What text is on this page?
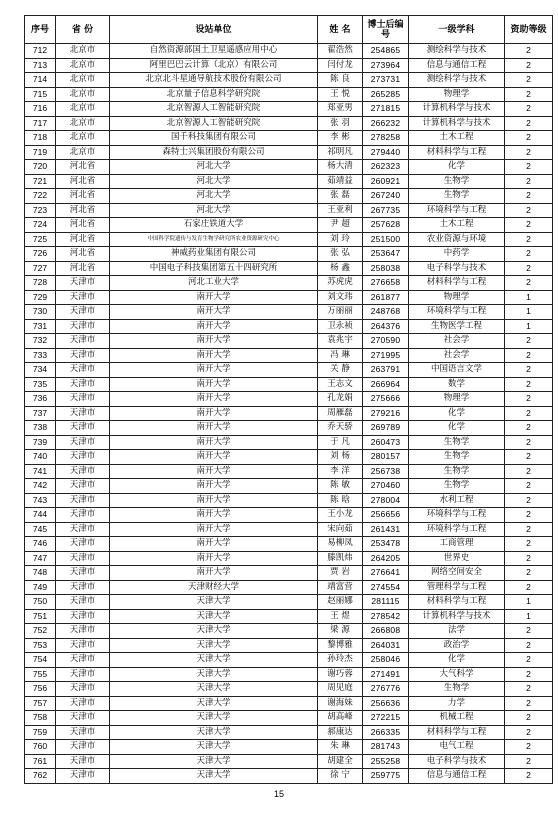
序号	省 份	设站单位	姓 名	博士后编 号	一级学科	资助等级
712	北京市	自然资源部国土卫星遥感应用中心	翟浩然	254865	测绘科学与技术	2
713	北京市	阿里巴巴云计算（北京）有限公司	闫付龙	273964	信息与通信工程	2
714	北京市	北京北斗星通导航技术股份有限公司	陈 良	273731	测绘科学与技术	2
715	北京市	北京量子信息科学研究院	王 悦	265285	物理学	2
716	北京市	北京智源人工智能研究院	郑亚男	271815	计算机科学与技术	2
717	北京市	北京智源人工智能研究院	张 羽	266232	计算机科学与技术	2
718	北京市	国千科技集团有限公司	李 彬	278258	土木工程	2
719	北京市	森特士兴集团股份有限公司	祁明凡	279440	材料科学与工程	2
720	河北省	河北大学	杨大清	262323	化学	2
721	河北省	河北大学	茹靖益	260921	生物学	2
722	河北省	河北大学	张 磊	267240	生物学	2
723	河北省	河北大学	王亚利	267735	环境科学与工程	2
724	河北省	石家庄铁道大学	尹 超	257628	土木工程	2
725	河北省	中国科学院遗传与发育生物学研究所农业资源研究中心	刘 玲	251500	农业资源与环境	2
726	河北省	神威药业集团有限公司	张 弘	253647	中药学	2
727	河北省	中国电子科技集团第五十四研究所	杨 鑫	258038	电子科学与技术	2
728	天津市	河北工业大学	苏虎虎	276658	材料科学与工程	2
729	天津市	南开大学	刘文玮	261877	物理学	1
730	天津市	南开大学	万丽丽	248768	环境科学与工程	1
731	天津市	南开大学	卫永祯	264376	生物医学工程	1
732	天津市	南开大学	袁兆宇	270590	社会学	2
733	天津市	南开大学	冯 琳	271995	社会学	2
734	天津市	南开大学	关 静	263791	中国语言文学	2
735	天津市	南开大学	王志文	266964	数学	2
736	天津市	南开大学	孔龙娟	275666	物理学	2
737	天津市	南开大学	周雁磊	279216	化学	2
738	天津市	南开大学	乔天骄	269789	化学	2
739	天津市	南开大学	于 凡	260473	生物学	2
740	天津市	南开大学	刘 杨	280157	生物学	2
741	天津市	南开大学	李 洋	256738	生物学	2
742	天津市	南开大学	陈 敏	270460	生物学	2
743	天津市	南开大学	陈 晗	278004	水利工程	2
744	天津市	南开大学	王小龙	256656	环境科学与工程	2
745	天津市	南开大学	宋向茹	261431	环境科学与工程	2
746	天津市	南开大学	易柳凤	253478	工商管理	2
747	天津市	南开大学	滕凯炜	264205	世界史	2
748	天津市	南开大学	贾 岩	276641	网络空间安全	2
749	天津市	天津财经大学	靖富营	274554	管理科学与工程	2
750	天津市	天津大学	赵丽娜	281115	材料科学与工程	1
751	天津市	天津大学	王 煜	278542	计算机科学与技术	1
752	天津市	天津大学	梁 源	266808	法学	2
753	天津市	天津大学	黎博雅	264031	政治学	2
754	天津市	天津大学	孙玲杰	258046	化学	2
755	天津市	天津大学	谢巧蓉	271491	大气科学	2
756	天津市	天津大学	周见庭	276776	生物学	2
757	天津市	天津大学	谢海妹	256636	力学	2
758	天津市	天津大学	胡高峰	272215	机械工程	2
759	天津市	天津大学	郝康达	266335	材料科学与工程	2
760	天津市	天津大学	朱 琳	281743	电气工程	2
761	天津市	天津大学	胡建全	255258	电子科学与技术	2
762	天津市	天津大学	徐 宁	259775	信息与通信工程	2
15
